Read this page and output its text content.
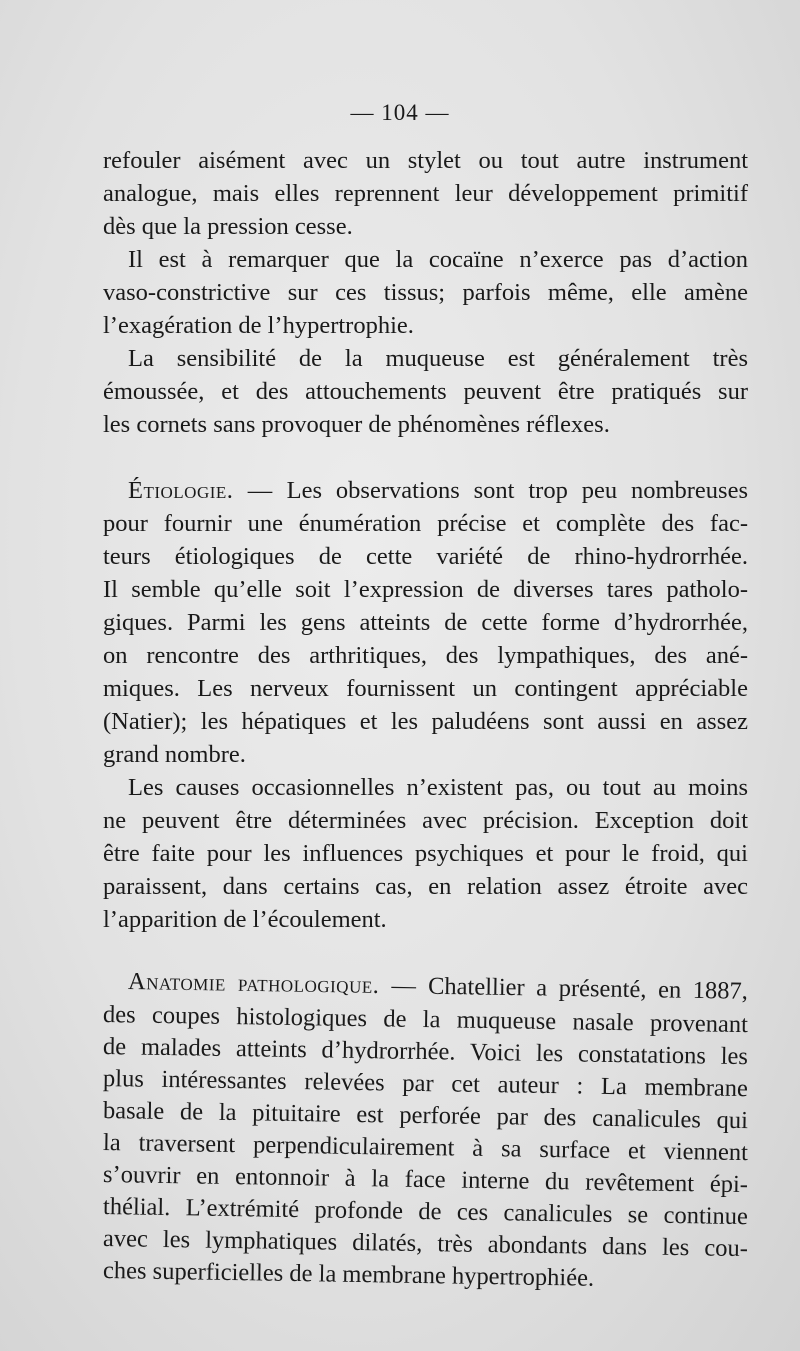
— 104 —
refouler aisément avec un stylet ou tout autre instrument
analogue, mais elles reprennent leur développement primitif
dès que la pression cesse.
Il est à remarquer que la cocaïne n’exerce pas d’action
vaso-constrictive sur ces tissus; parfois même, elle amène
l’exagération de l’hypertrophie.
La sensibilité de la muqueuse est généralement très
émoussée, et des attouchements peuvent être pratiqués sur
les cornets sans provoquer de phénomènes réflexes.
Étiologie. — Les observations sont trop peu nombreuses
pour fournir une énumération précise et complète des fac-
teurs étiologiques de cette variété de rhino-hydrorrhée.
Il semble qu’elle soit l’expression de diverses tares patholo-
giques. Parmi les gens atteints de cette forme d’hydrorrhée,
on rencontre des arthritiques, des lympathiques, des ané-
miques. Les nerveux fournissent un contingent appréciable
(Natier); les hépatiques et les paludéens sont aussi en assez
grand nombre.
Les causes occasionnelles n’existent pas, ou tout au moins
ne peuvent être déterminées avec précision. Exception doit
être faite pour les influences psychiques et pour le froid, qui
paraissent, dans certains cas, en relation assez étroite avec
l’apparition de l’écoulement.
Anatomie pathologique. — Chatellier a présenté, en 1887,
des coupes histologiques de la muqueuse nasale provenant
de malades atteints d’hydrorrhée. Voici les constatations les
plus intéressantes relevées par cet auteur : La membrane
basale de la pituitaire est perforée par des canalicules qui
la traversent perpendiculairement à sa surface et viennent
s’ouvrir en entonnoir à la face interne du revêtement épi-
thélial. L’extrémité profonde de ces canalicules se continue
avec les lymphatiques dilatés, très abondants dans les cou-
ches superficielles de la membrane hypertrophiée.
